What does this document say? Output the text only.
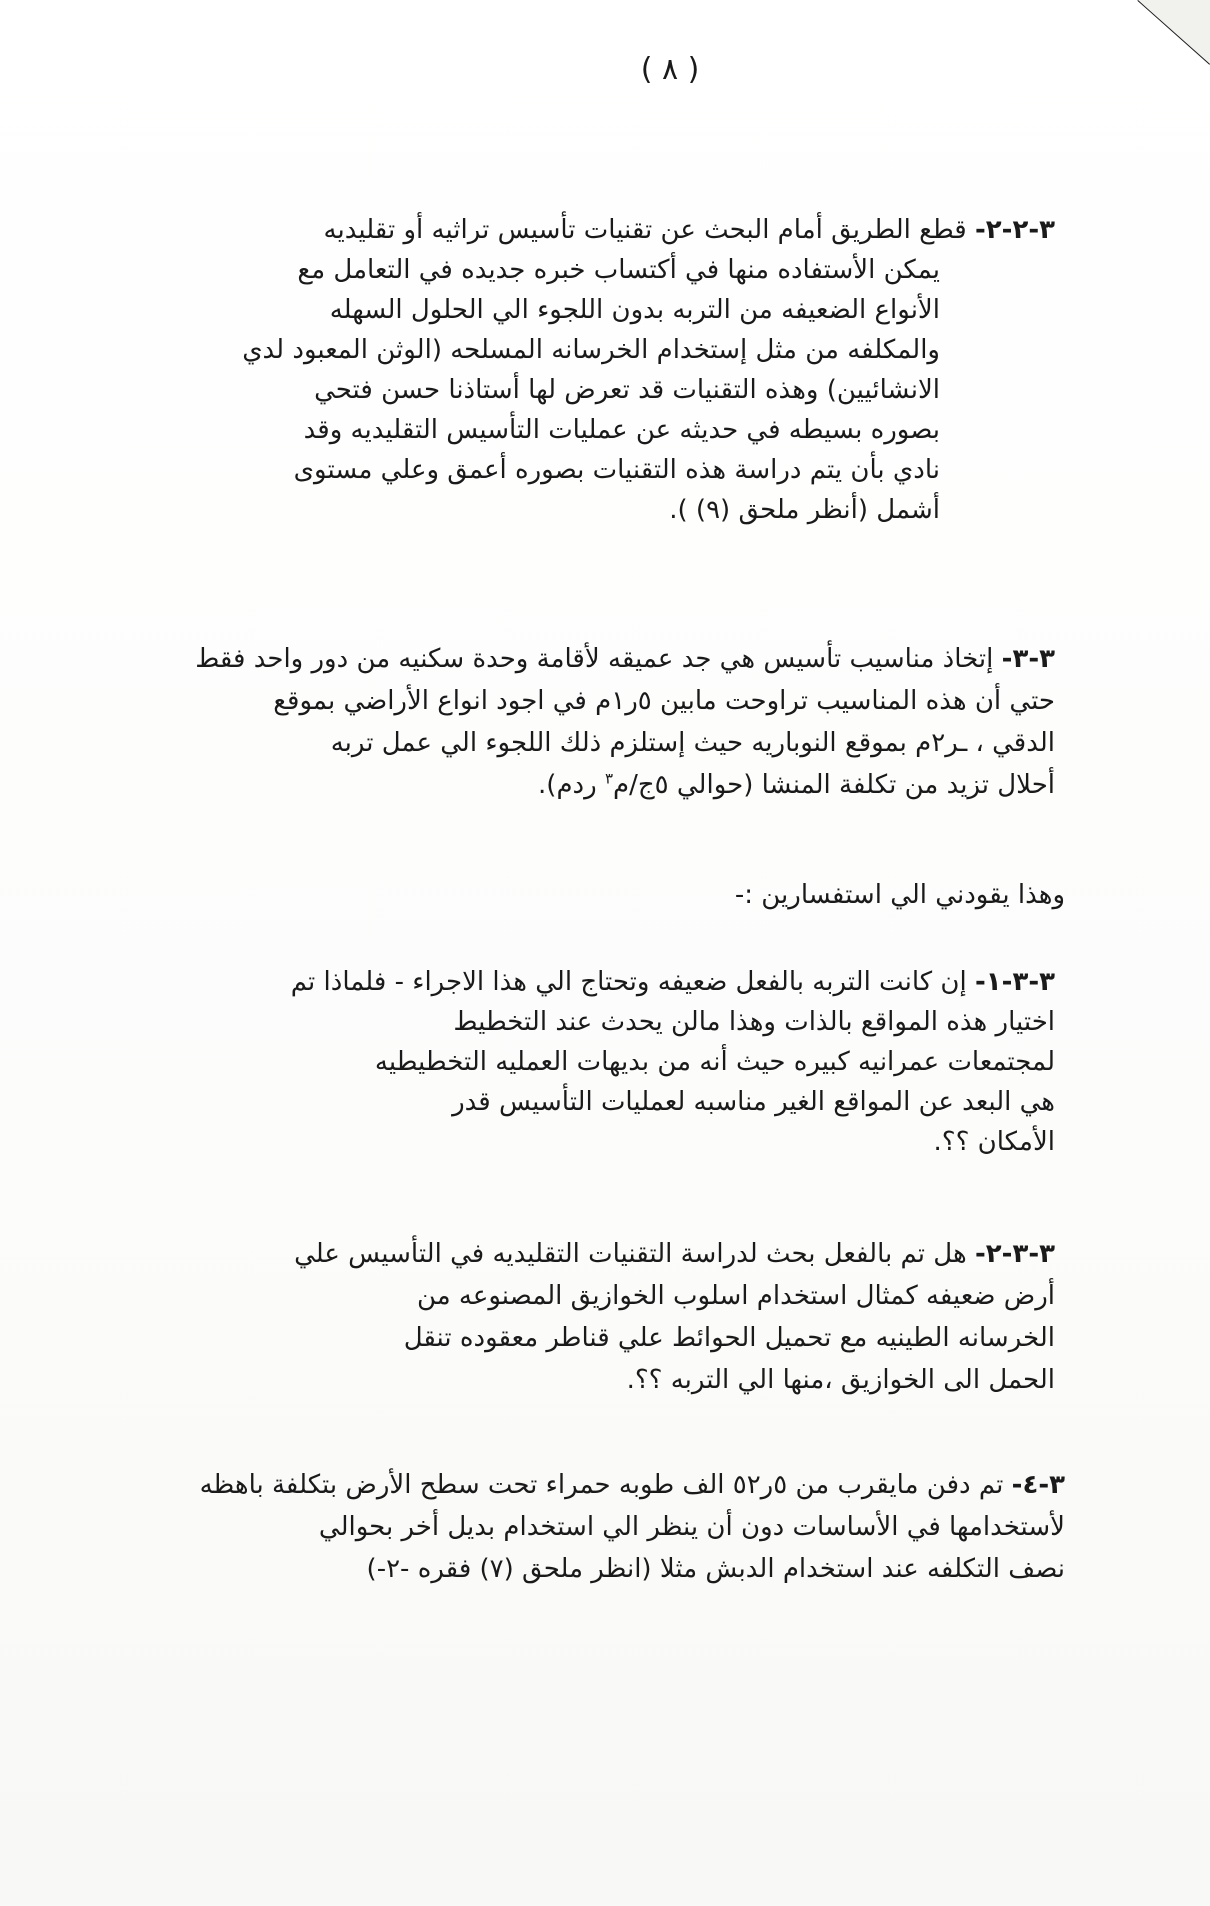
( ٨ )
٣-٢-٢- قطع الطريق أمام البحث عن تقنيات تأسيس تراثيه أو تقليديه
يمكن الأستفاده منها في أكتساب خبره جديده في التعامل مع
الأنواع الضعيفه من التربه بدون اللجوء الي الحلول السهله
والمكلفه من مثل إستخدام الخرسانه المسلحه (الوثن المعبود لدي
الانشائيين) وهذه التقنيات قد تعرض لها أستاذنا حسن فتحي
بصوره بسيطه في حديثه عن عمليات التأسيس التقليديه وقد
نادي بأن يتم دراسة هذه التقنيات بصوره أعمق وعلي مستوى
أشمل (أنظر ملحق (٩) ).
٣-٣- إتخاذ مناسيب تأسيس هي جد عميقه لأقامة وحدة سكنيه من دور واحد فقط
حتي أن هذه المناسيب تراوحت مابين ٥ر١م في اجود انواع الأراضي بموقع
الدقي ، ـر٢م بموقع النوباريه حيث إستلزم ذلك اللجوء الي عمل تربه
أحلال تزيد من تكلفة المنشا (حوالي ٥ج/م$^٣$ ردم).
وهذا يقودني الي استفسارين :-
٣-٣-١- إن كانت التربه بالفعل ضعيفه وتحتاج الي هذا الاجراء - فلماذا تم
اختيار هذه المواقع بالذات وهذا مالن يحدث عند التخطيط
لمجتمعات عمرانيه كبيره حيث أنه من بديهات العمليه التخطيطيه
هي البعد عن المواقع الغير مناسبه لعمليات التأسيس قدر
الأمكان ؟؟.
٣-٣-٢- هل تم بالفعل بحث لدراسة التقنيات التقليديه في التأسيس علي
أرض ضعيفه كمثال استخدام اسلوب الخوازيق المصنوعه من
الخرسانه الطينيه مع تحميل الحوائط علي قناطر معقوده تنقل
الحمل الى الخوازيق ،منها الي التربه ؟؟.
٣-٤- تم دفن مايقرب من ٥ر٥٢ الف طوبه حمراء تحت سطح الأرض بتكلفة باهظه
لأستخدامها في الأساسات دون أن ينظر الي استخدام بديل أخر بحوالي
نصف التكلفه عند استخدام الدبش مثلا (انظر ملحق (٧) فقره -٢-)
